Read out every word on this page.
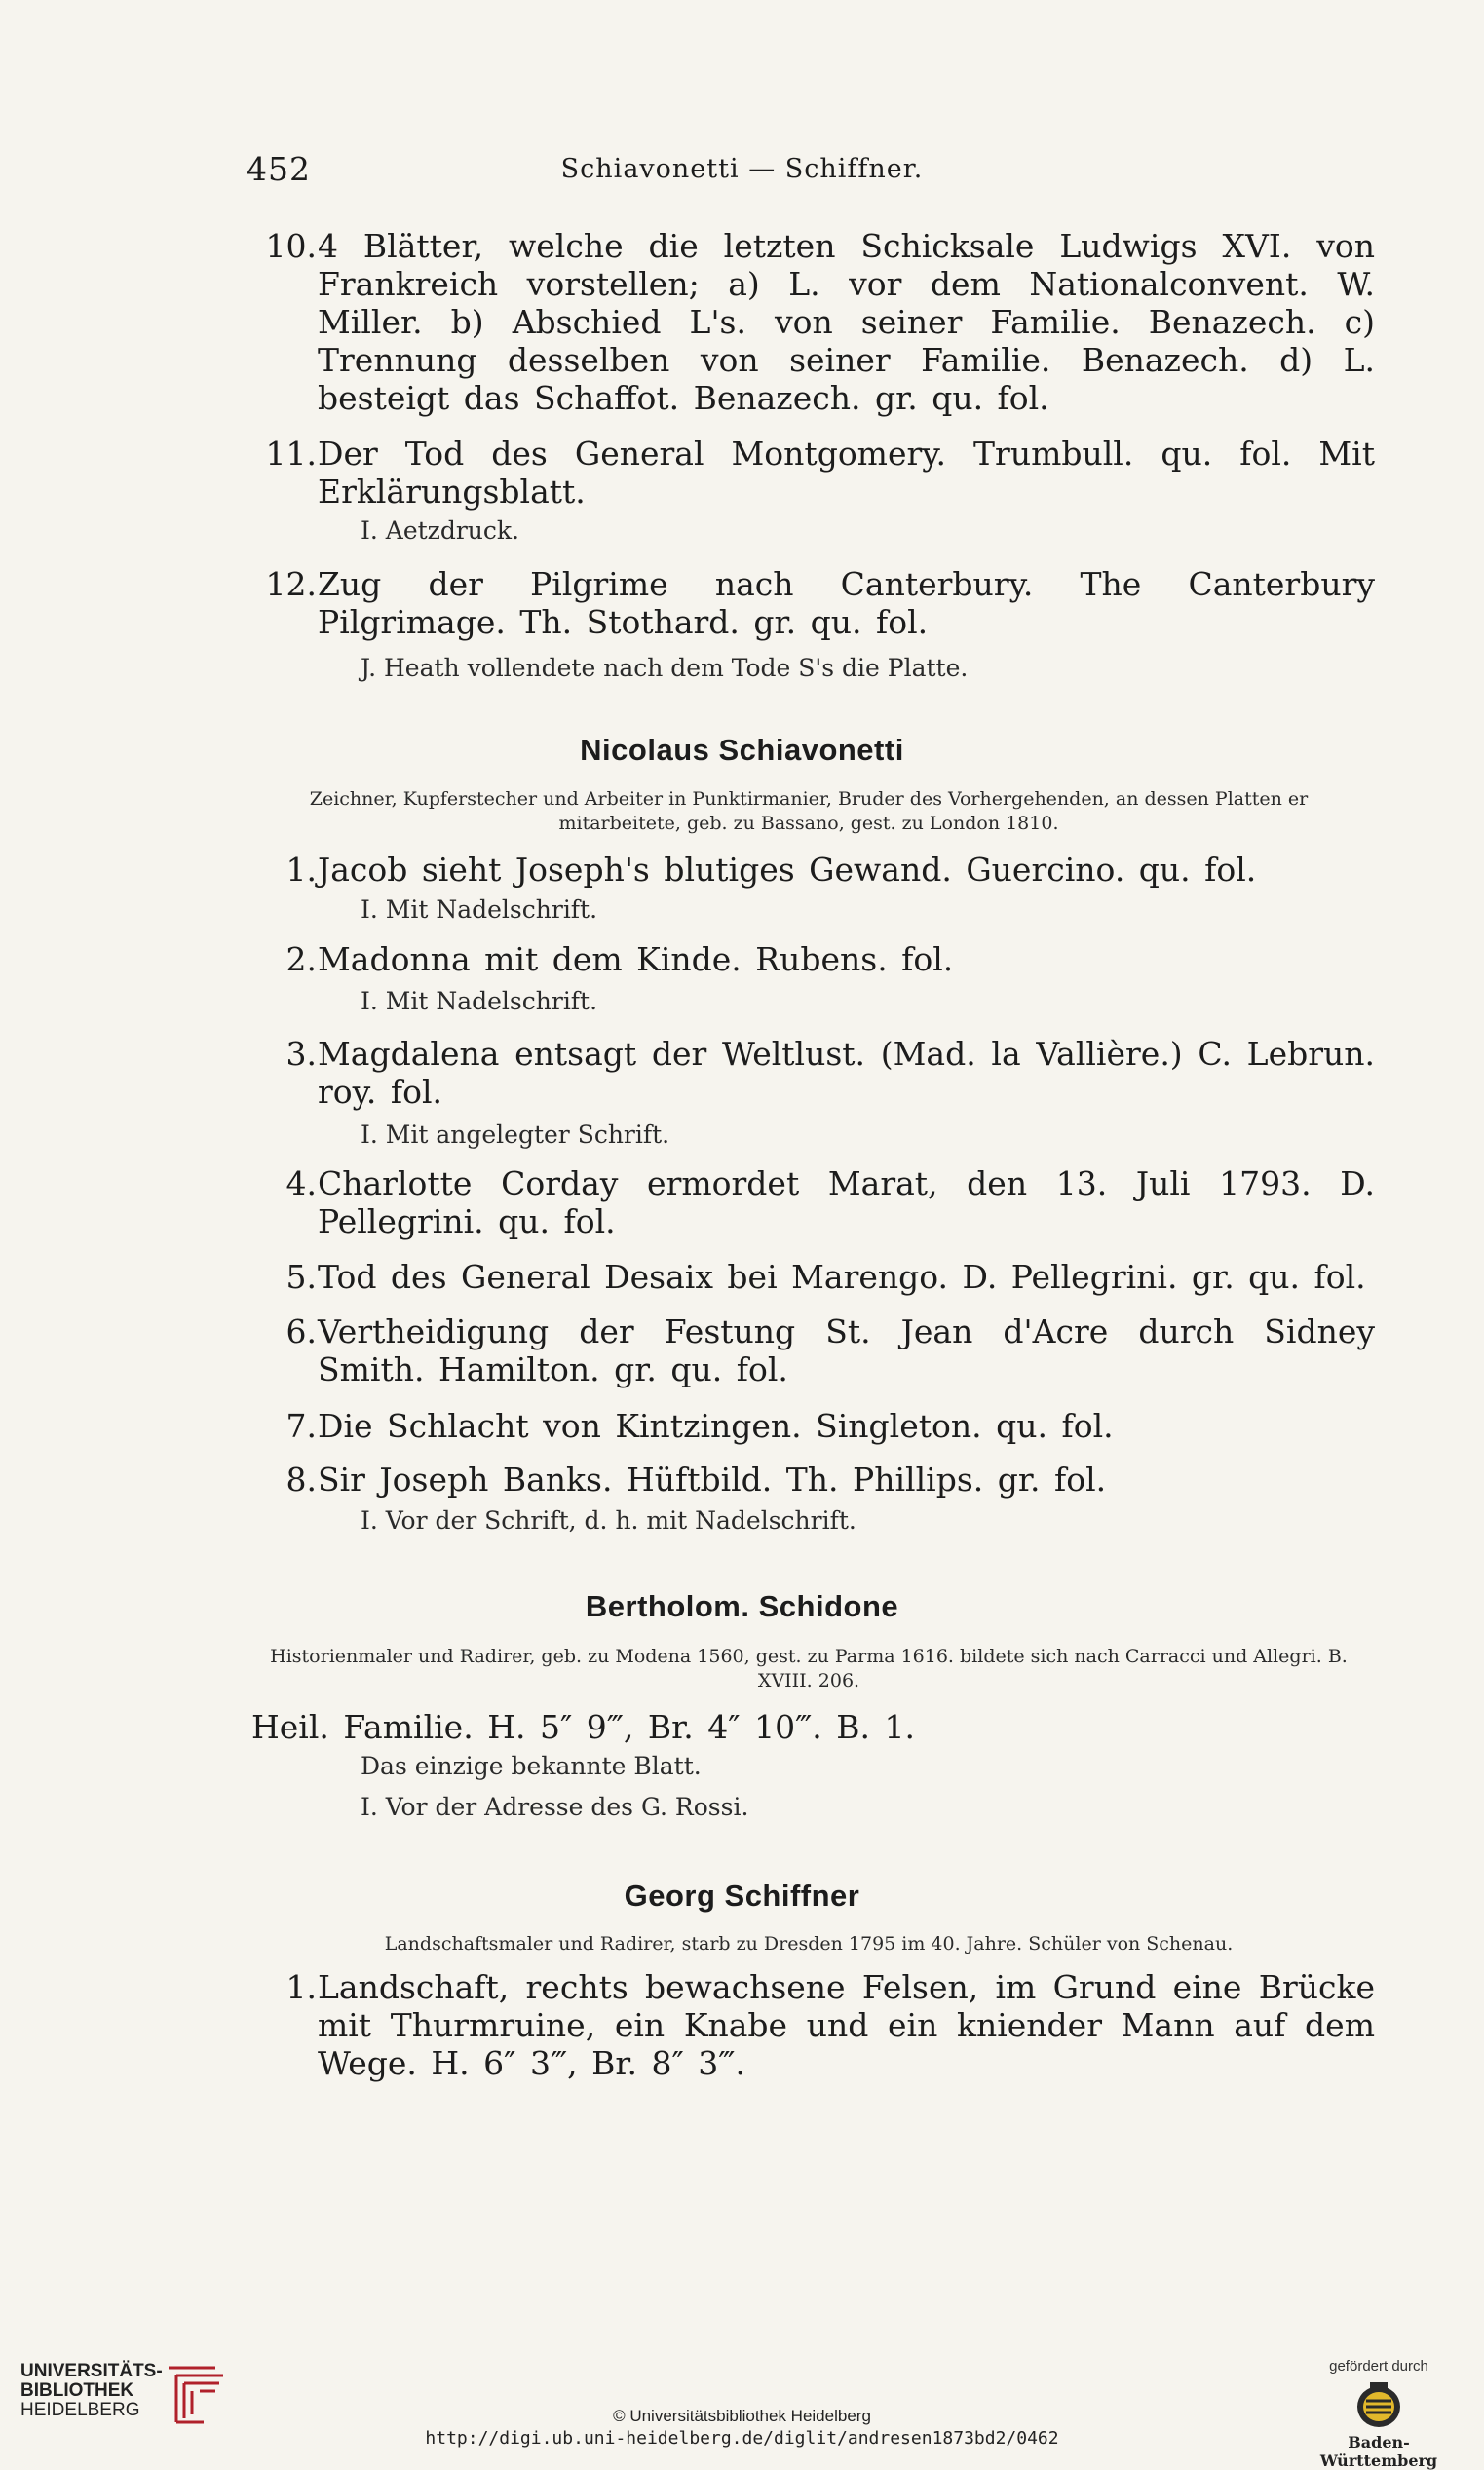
452	Schiavonetti — Schiffner.
10. 4 Blätter, welche die letzten Schicksale Ludwigs XVI. von Frankreich vorstellen; a) L. vor dem Nationalconvent. W. Miller. b) Abschied L's. von seiner Familie. Benazech. c) Trennung desselben von seiner Familie. Benazech. d) L. besteigt das Schaffot. Benazech. gr. qu. fol.
11. Der Tod des General Montgomery. Trumbull. qu. fol. Mit Erklärungsblatt.
I. Aetzdruck.
12. Zug der Pilgrime nach Canterbury. The Canterbury Pilgrimage. Th. Stothard. gr. qu. fol.
J. Heath vollendete nach dem Tode S's die Platte.
Nicolaus Schiavonetti
Zeichner, Kupferstecher und Arbeiter in Punktirmanier, Bruder des Vorhergehenden, an dessen Platten er mitarbeitete, geb. zu Bassano, gest. zu London 1810.
1. Jacob sieht Joseph's blutiges Gewand. Guercino. qu. fol.
I. Mit Nadelschrift.
2. Madonna mit dem Kinde. Rubens. fol.
I. Mit Nadelschrift.
3. Magdalena entsagt der Weltlust. (Mad. la Vallière.) C. Lebrun. roy. fol.
I. Mit angelegter Schrift.
4. Charlotte Corday ermordet Marat, den 13. Juli 1793. D. Pellegrini. qu. fol.
5. Tod des General Desaix bei Marengo. D. Pellegrini. gr. qu. fol.
6. Vertheidigung der Festung St. Jean d'Acre durch Sidney Smith. Hamilton. gr. qu. fol.
7. Die Schlacht von Kintzingen. Singleton. qu. fol.
8. Sir Joseph Banks. Hüftbild. Th. Phillips. gr. fol.
I. Vor der Schrift, d. h. mit Nadelschrift.
Bertholom. Schidone
Historienmaler und Radirer, geb. zu Modena 1560, gest. zu Parma 1616. bildete sich nach Carracci und Allegri. B. XVIII. 206.
Heil. Familie. H. 5″ 9‴, Br. 4″ 10‴. B. 1.
Das einzige bekannte Blatt.
I. Vor der Adresse des G. Rossi.
Georg Schiffner
Landschaftsmaler und Radirer, starb zu Dresden 1795 im 40. Jahre. Schüler von Schenau.
1. Landschaft, rechts bewachsene Felsen, im Grund eine Brücke mit Thurmruine, ein Knabe und ein kniender Mann auf dem Wege. H. 6″ 3‴, Br. 8″ 3‴.
UNIVERSITÄTS-
BIBLIOTHEK
HEIDELBERG	© Universitätsbibliothek Heidelberg
http://digi.ub.uni-heidelberg.de/diglit/andresen1873bd2/0462
gefördert durch
Baden-Württemberg
